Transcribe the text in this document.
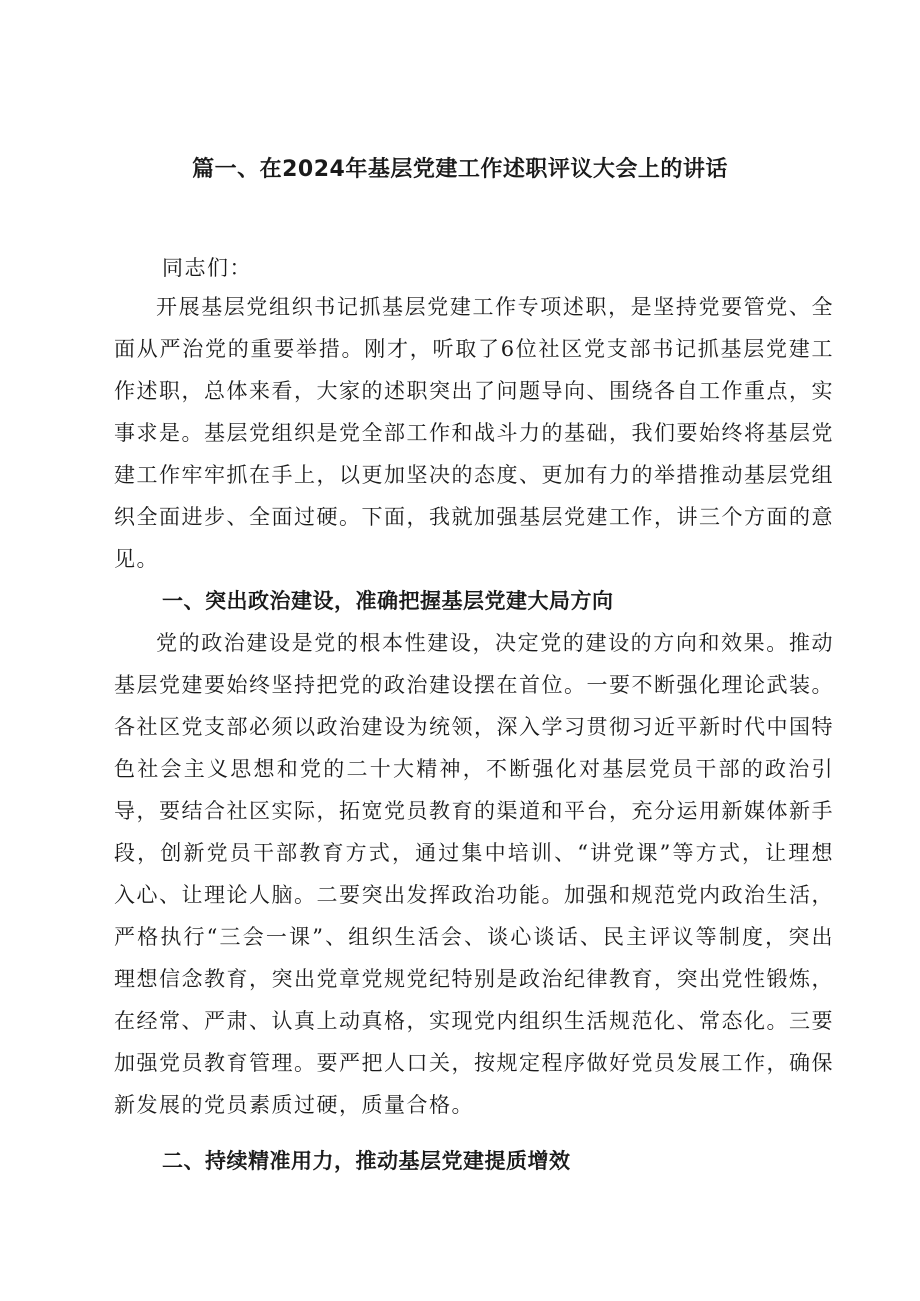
篇一、在2024年基层党建工作述职评议大会上的讲话

同志们：

开展基层党组织书记抓基层党建工作专项述职，是坚持党要管党、全面从严治党的重要举措。刚才，听取了6位社区党支部书记抓基层党建工作述职，总体来看，大家的述职突出了问题导向、围绕各自工作重点，实事求是。基层党组织是党全部工作和战斗力的基础，我们要始终将基层党建工作牢牢抓在手上，以更加坚决的态度、更加有力的举措推动基层党组织全面进步、全面过硬。下面，我就加强基层党建工作，讲三个方面的意见。

一、突出政治建设，准确把握基层党建大局方向

党的政治建设是党的根本性建设，决定党的建设的方向和效果。推动基层党建要始终坚持把党的政治建设摆在首位。一要不断强化理论武装。各社区党支部必须以政治建设为统领，深入学习贯彻习近平新时代中国特色社会主义思想和党的二十大精神，不断强化对基层党员干部的政治引导，要结合社区实际，拓宽党员教育的渠道和平台，充分运用新媒体新手段，创新党员干部教育方式，通过集中培训、“讲党课”等方式，让理想入心、让理论人脑。二要突出发挥政治功能。加强和规范党内政治生活，严格执行“三会一课”、组织生活会、谈心谈话、民主评议等制度，突出理想信念教育，突出党章党规党纪特别是政治纪律教育，突出党性锻炼，在经常、严肃、认真上动真格，实现党内组织生活规范化、常态化。三要加强党员教育管理。要严把人口关，按规定程序做好党员发展工作，确保新发展的党员素质过硬，质量合格。

二、持续精准用力，推动基层党建提质增效
